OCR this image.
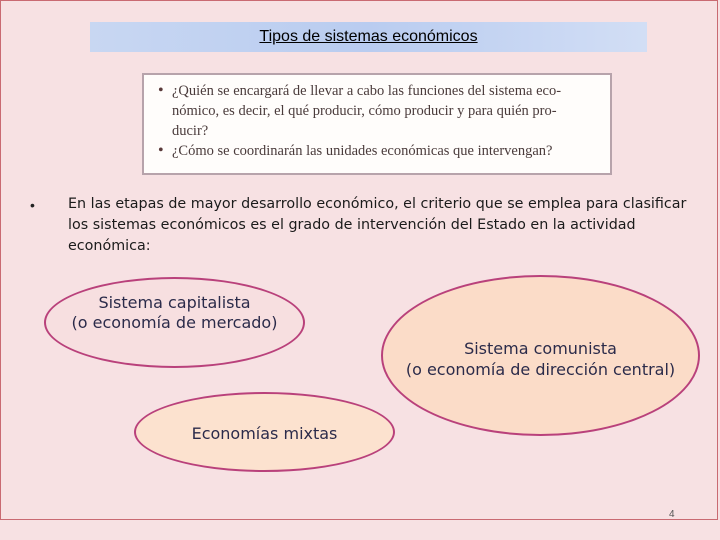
Tipos de sistemas económicos
• ¿Quién se encargará de llevar a cabo las funciones del sistema eco-
nómico, es decir, el qué producir, cómo producir y para quién pro-
ducir?
• ¿Cómo se coordinarán las unidades económicas que intervengan?
• En las etapas de mayor desarrollo económico, el criterio que se emplea para clasificar
los sistemas económicos es el grado de intervención del Estado en la actividad
económica:
Sistema capitalista
(o economía de mercado)
Sistema comunista
(o economía de dirección central)
Economías mixtas
4
